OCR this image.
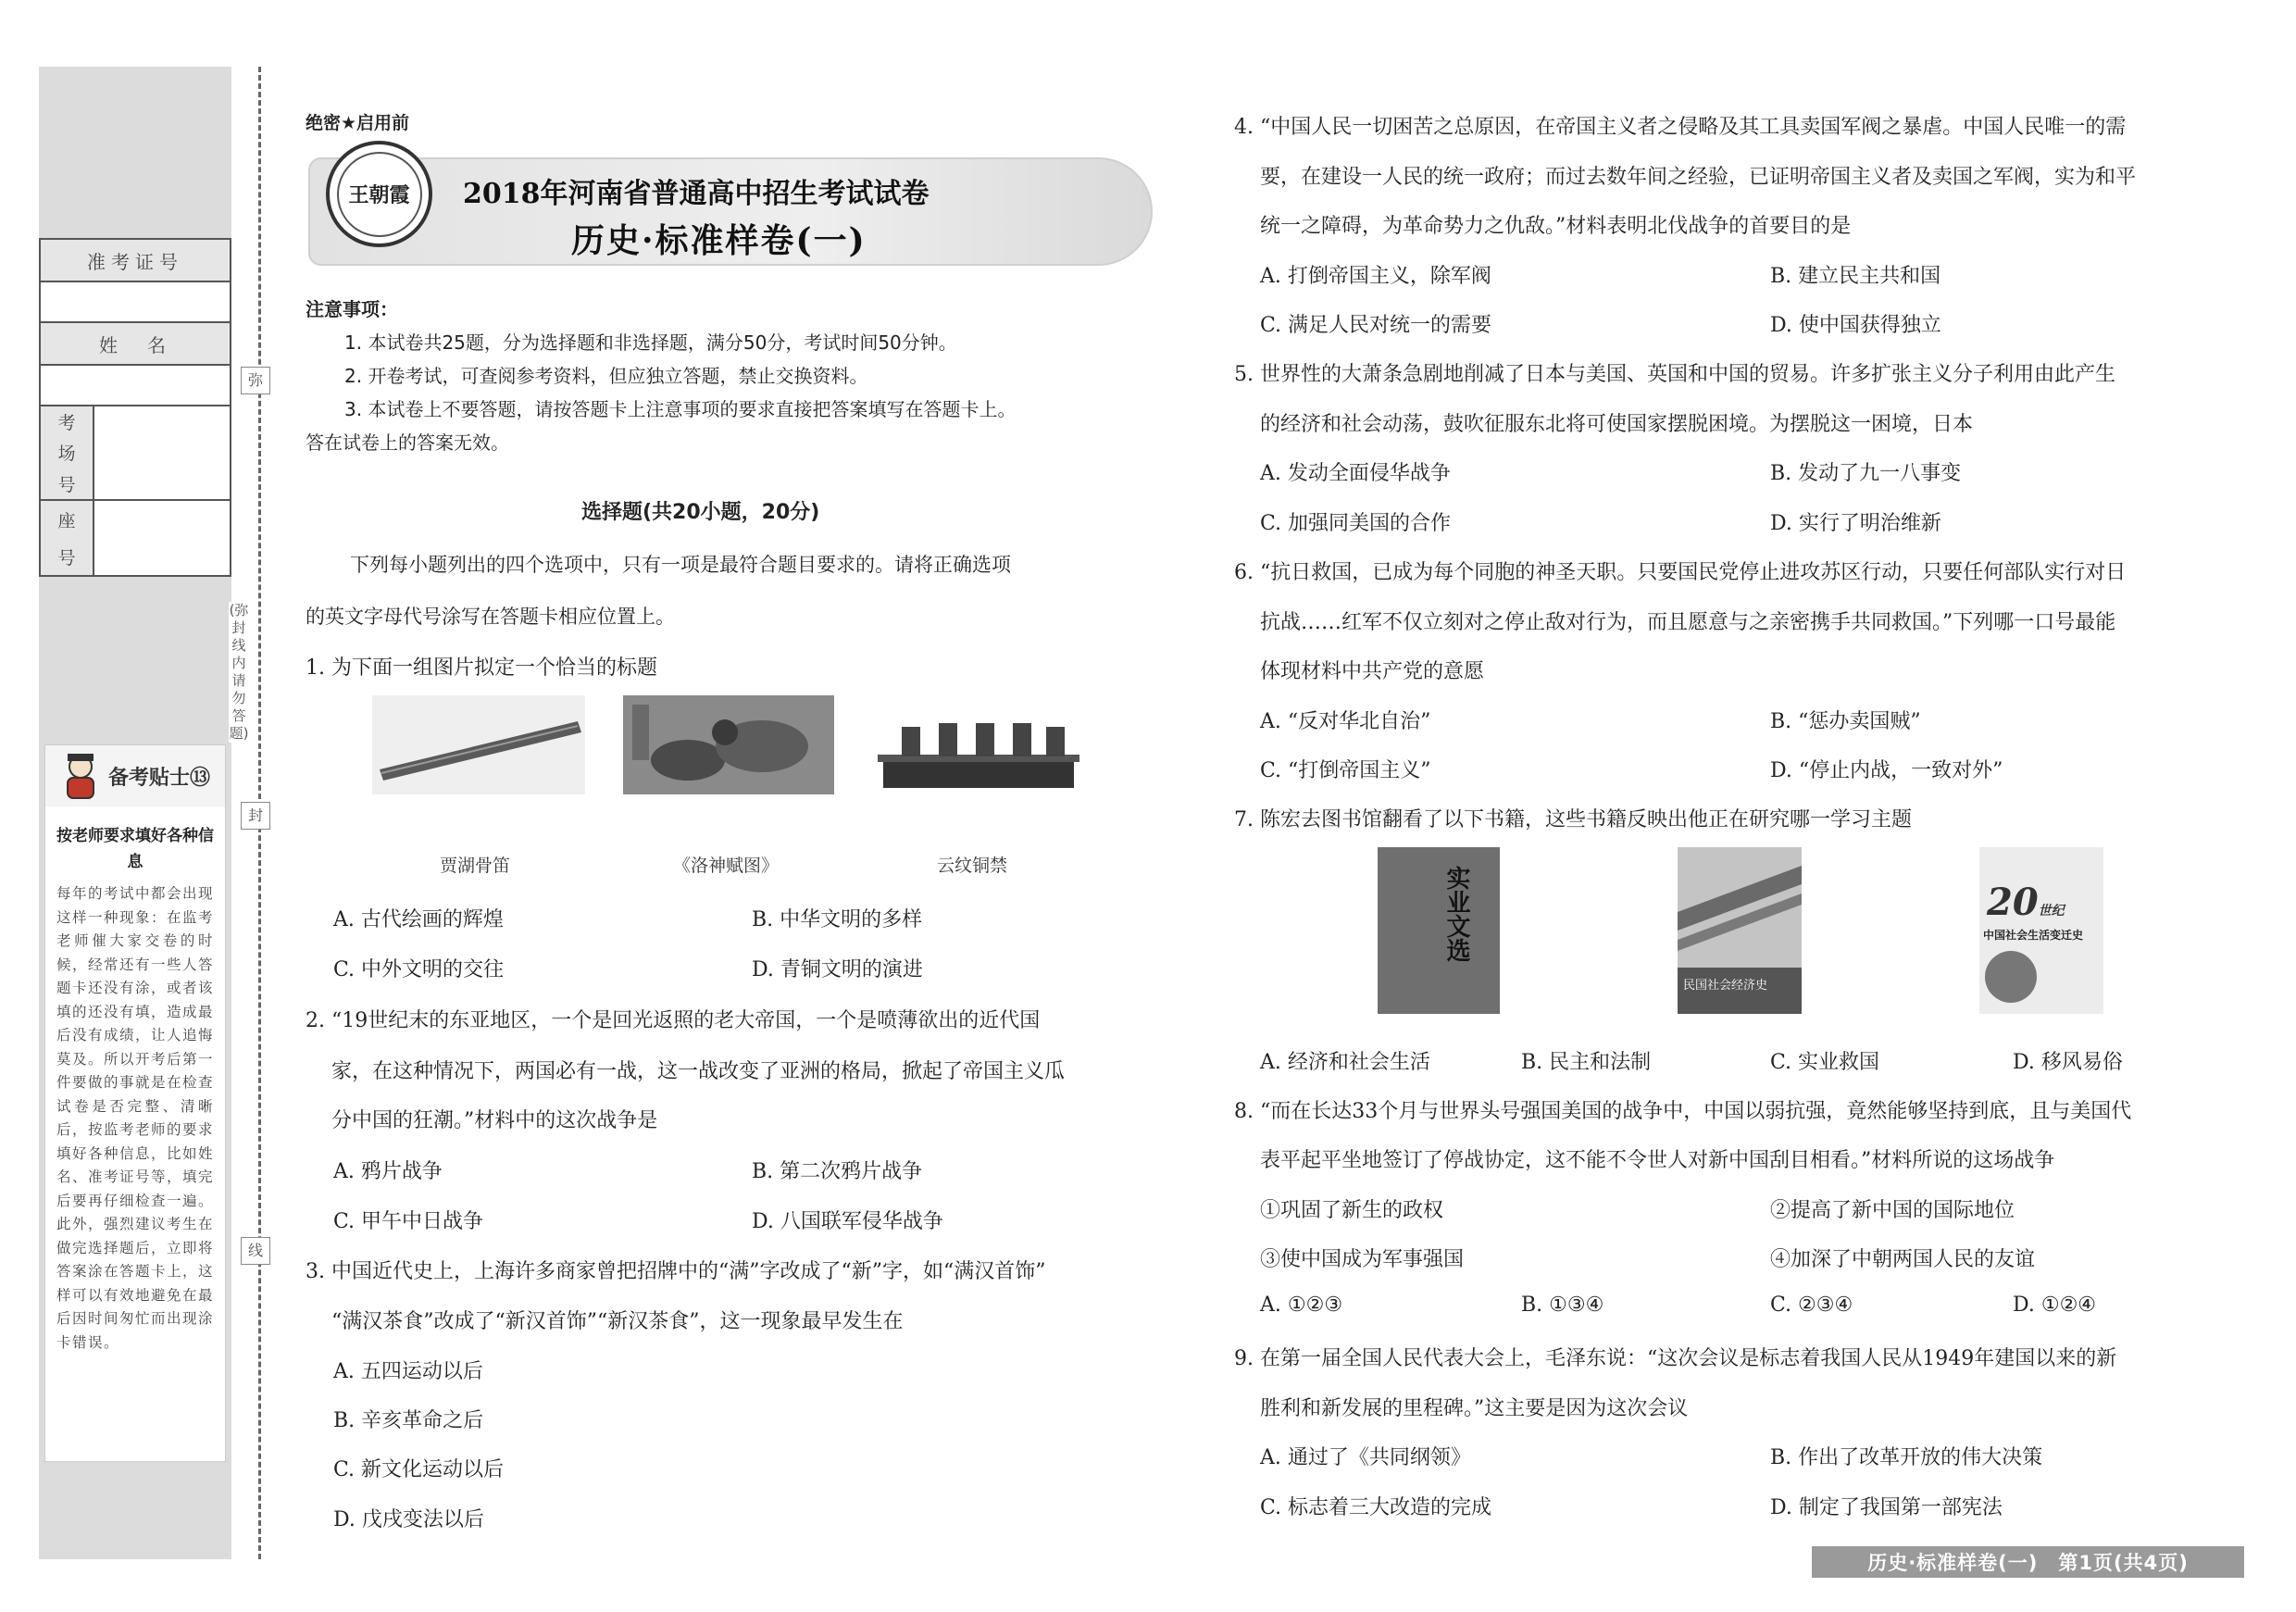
准考证号
姓　名
考
场
号
座
号
备考贴士⑬
按老师要求填好各种信息
每年的考试中都会出现这样一种现象：在监考老师催大家交卷的时候，经常还有一些人答题卡还没有涂，或者该填的还没有填，造成最后没有成绩，让人追悔莫及。所以开考后第一件要做的事就是在检查试卷是否完整、清晰后，按监考老师的要求填好各种信息，比如姓名、准考证号等，填完后要再仔细检查一遍。此外，强烈建议考生在做完选择题后，立即将答案涂在答题卡上，这样可以有效地避免在最后因时间匆忙而出现涂卡错误。
弥
封
线
(弥封线内请勿答题)
绝密★启用前
王朝霞	2018年河南省普通高中招生考试试卷
历史·标准样卷(一)
注意事项：
1. 本试卷共25题，分为选择题和非选择题，满分50分，考试时间50分钟。
2. 开卷考试，可查阅参考资料，但应独立答题，禁止交换资料。
3. 本试卷上不要答题，请按答题卡上注意事项的要求直接把答案填写在答题卡上。
答在试卷上的答案无效。
选择题(共20小题，20分)
下列每小题列出的四个选项中，只有一项是最符合题目要求的。请将正确选项
的英文字母代号涂写在答题卡相应位置上。
1. 为下面一组图片拟定一个恰当的标题
贾湖骨笛	《洛神赋图》	云纹铜禁
A. 古代绘画的辉煌	B. 中华文明的多样
C. 中外文明的交往	D. 青铜文明的演进
2. “19世纪末的东亚地区，一个是回光返照的老大帝国，一个是喷薄欲出的近代国
家，在这种情况下，两国必有一战，这一战改变了亚洲的格局，掀起了帝国主义瓜
分中国的狂潮。”材料中的这次战争是
A. 鸦片战争	B. 第二次鸦片战争
C. 甲午中日战争	D. 八国联军侵华战争
3. 中国近代史上，上海许多商家曾把招牌中的“满”字改成了“新”字，如“满汉首饰”
“满汉茶食”改成了“新汉首饰”“新汉茶食”，这一现象最早发生在
A. 五四运动以后
B. 辛亥革命之后
C. 新文化运动以后
D. 戊戌变法以后
4. “中国人民一切困苦之总原因，在帝国主义者之侵略及其工具卖国军阀之暴虐。中国人民唯一的需
要，在建设一人民的统一政府；而过去数年间之经验，已证明帝国主义者及卖国之军阀，实为和平
统一之障碍，为革命势力之仇敌。”材料表明北伐战争的首要目的是
A. 打倒帝国主义，除军阀	B. 建立民主共和国
C. 满足人民对统一的需要	D. 使中国获得独立
5. 世界性的大萧条急剧地削减了日本与美国、英国和中国的贸易。许多扩张主义分子利用由此产生
的经济和社会动荡，鼓吹征服东北将可使国家摆脱困境。为摆脱这一困境，日本
A. 发动全面侵华战争	B. 发动了九一八事变
C. 加强同美国的合作	D. 实行了明治维新
6. “抗日救国，已成为每个同胞的神圣天职。只要国民党停止进攻苏区行动，只要任何部队实行对日
抗战……红军不仅立刻对之停止敌对行为，而且愿意与之亲密携手共同救国。”下列哪一口号最能
体现材料中共产党的意愿
A. “反对华北自治”	B. “惩办卖国贼”
C. “打倒帝国主义”	D. “停止内战，一致对外”
7. 陈宏去图书馆翻看了以下书籍，这些书籍反映出他正在研究哪一学习主题
实业文选
民国社会经济史
20世纪
中国社会生活变迁史
A. 经济和社会生活	B. 民主和法制	C. 实业救国	D. 移风易俗
8. “而在长达33个月与世界头号强国美国的战争中，中国以弱抗强，竟然能够坚持到底，且与美国代
表平起平坐地签订了停战协定，这不能不令世人对新中国刮目相看。”材料所说的这场战争
①巩固了新生的政权	②提高了新中国的国际地位
③使中国成为军事强国	④加深了中朝两国人民的友谊
A. ①②③	B. ①③④	C. ②③④	D. ①②④
9. 在第一届全国人民代表大会上，毛泽东说：“这次会议是标志着我国人民从1949年建国以来的新
胜利和新发展的里程碑。”这主要是因为这次会议
A. 通过了《共同纲领》	B. 作出了改革开放的伟大决策
C. 标志着三大改造的完成	D. 制定了我国第一部宪法
历史·标准样卷(一)　第1页(共4页)
